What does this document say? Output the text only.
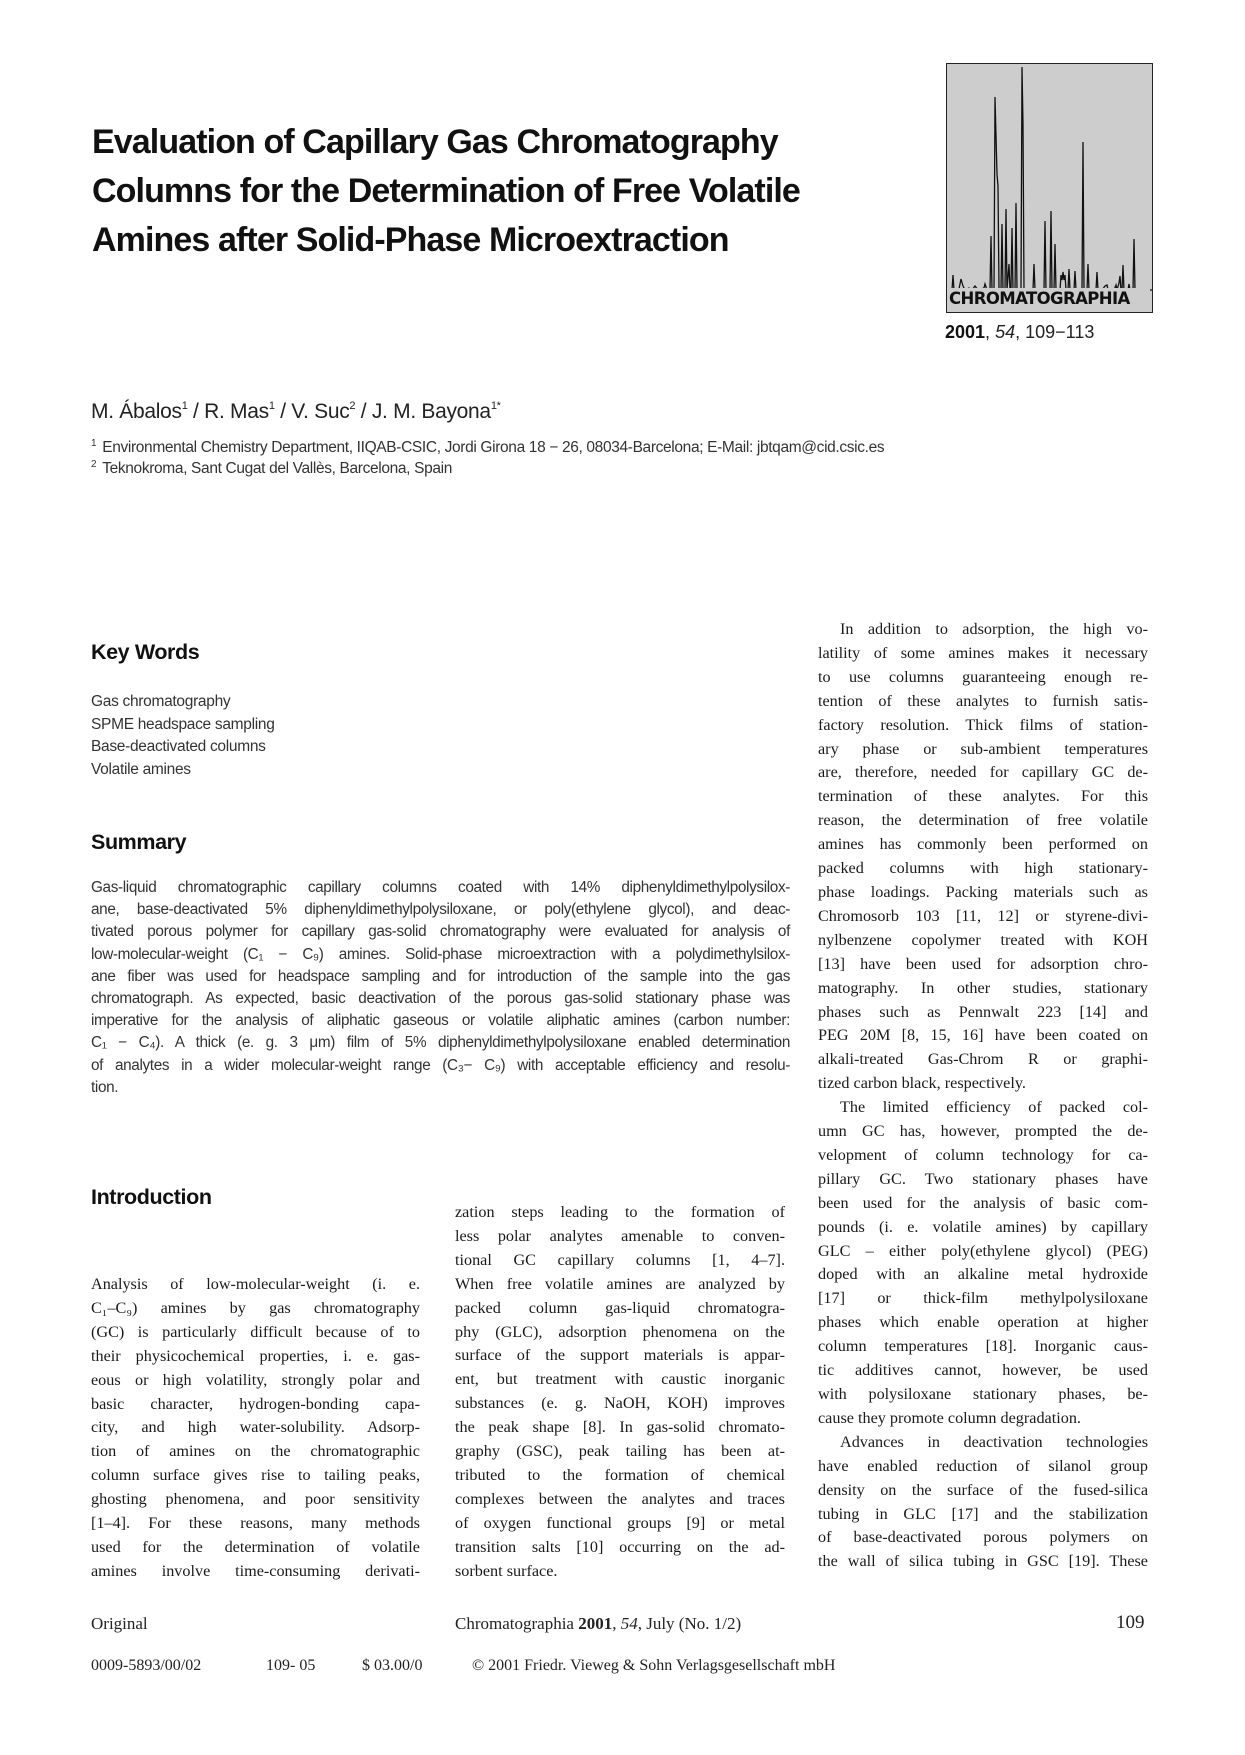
Evaluation of Capillary Gas Chromatography
Columns for the Determination of Free Volatile
Amines after Solid-Phase Microextraction
CHROMATOGRAPHIA
2001, 54, 109−113
M. Ábalos$^1$ / R. Mas$^1$ / V. Suc$^2$ / J. M. Bayona$^{1*}$
$^1$ Environmental Chemistry Department, IIQAB-CSIC, Jordi Girona 18 − 26, 08034-Barcelona; E-Mail: jbtqam@cid.csic.es
$^2$ Teknokroma, Sant Cugat del Vallès, Barcelona, Spain
Key Words
Gas chromatography
SPME headspace sampling
Base-deactivated columns
Volatile amines
Summary
Gas-liquid chromatographic capillary columns coated with 14% diphenyldimethylpolysilox-
ane, base-deactivated 5% diphenyldimethylpolysiloxane, or poly(ethylene glycol), and deac-
tivated porous polymer for capillary gas-solid chromatography were evaluated for analysis of
low-molecular-weight (C₁ − C₉) amines. Solid-phase microextraction with a polydimethylsilox-
ane fiber was used for headspace sampling and for introduction of the sample into the gas
chromatograph. As expected, basic deactivation of the porous gas-solid stationary phase was
imperative for the analysis of aliphatic gaseous or volatile aliphatic amines (carbon number:
C₁ − C₄). A thick (e. g. 3 μm) film of 5% diphenyldimethylpolysiloxane enabled determination
of analytes in a wider molecular-weight range (C₃− C₉) with acceptable efficiency and resolu-
tion.
Introduction
Analysis of low-molecular-weight (i. e.
C₁–C₉) amines by gas chromatography
(GC) is particularly difficult because of to
their physicochemical properties, i. e. gas-
eous or high volatility, strongly polar and
basic character, hydrogen-bonding capa-
city, and high water-solubility. Adsorp-
tion of amines on the chromatographic
column surface gives rise to tailing peaks,
ghosting phenomena, and poor sensitivity
[1–4]. For these reasons, many methods
used for the determination of volatile
amines involve time-consuming derivati-
zation steps leading to the formation of
less polar analytes amenable to conven-
tional GC capillary columns [1, 4–7].
When free volatile amines are analyzed by
packed column gas-liquid chromatogra-
phy (GLC), adsorption phenomena on the
surface of the support materials is appar-
ent, but treatment with caustic inorganic
substances (e. g. NaOH, KOH) improves
the peak shape [8]. In gas-solid chromato-
graphy (GSC), peak tailing has been at-
tributed to the formation of chemical
complexes between the analytes and traces
of oxygen functional groups [9] or metal
transition salts [10] occurring on the ad-
sorbent surface.
In addition to adsorption, the high vo-
latility of some amines makes it necessary
to use columns guaranteeing enough re-
tention of these analytes to furnish satis-
factory resolution. Thick films of station-
ary phase or sub-ambient temperatures
are, therefore, needed for capillary GC de-
termination of these analytes. For this
reason, the determination of free volatile
amines has commonly been performed on
packed columns with high stationary-
phase loadings. Packing materials such as
Chromosorb 103 [11, 12] or styrene-divi-
nylbenzene copolymer treated with KOH
[13] have been used for adsorption chro-
matography. In other studies, stationary
phases such as Pennwalt 223 [14] and
PEG 20M [8, 15, 16] have been coated on
alkali-treated Gas-Chrom R or graphi-
tized carbon black, respectively.
The limited efficiency of packed col-
umn GC has, however, prompted the de-
velopment of column technology for ca-
pillary GC. Two stationary phases have
been used for the analysis of basic com-
pounds (i. e. volatile amines) by capillary
GLC – either poly(ethylene glycol) (PEG)
doped with an alkaline metal hydroxide
[17] or thick-film methylpolysiloxane
phases which enable operation at higher
column temperatures [18]. Inorganic caus-
tic additives cannot, however, be used
with polysiloxane stationary phases, be-
cause they promote column degradation.
Advances in deactivation technologies
have enabled reduction of silanol group
density on the surface of the fused-silica
tubing in GLC [17] and the stabilization
of base-deactivated porous polymers on
the wall of silica tubing in GSC [19]. These
Original	Chromatographia 2001, 54, July (No. 1/2)	109
0009-5893/00/02	109- 05	$ 03.00/0	© 2001 Friedr. Vieweg & Sohn Verlagsgesellschaft mbH
